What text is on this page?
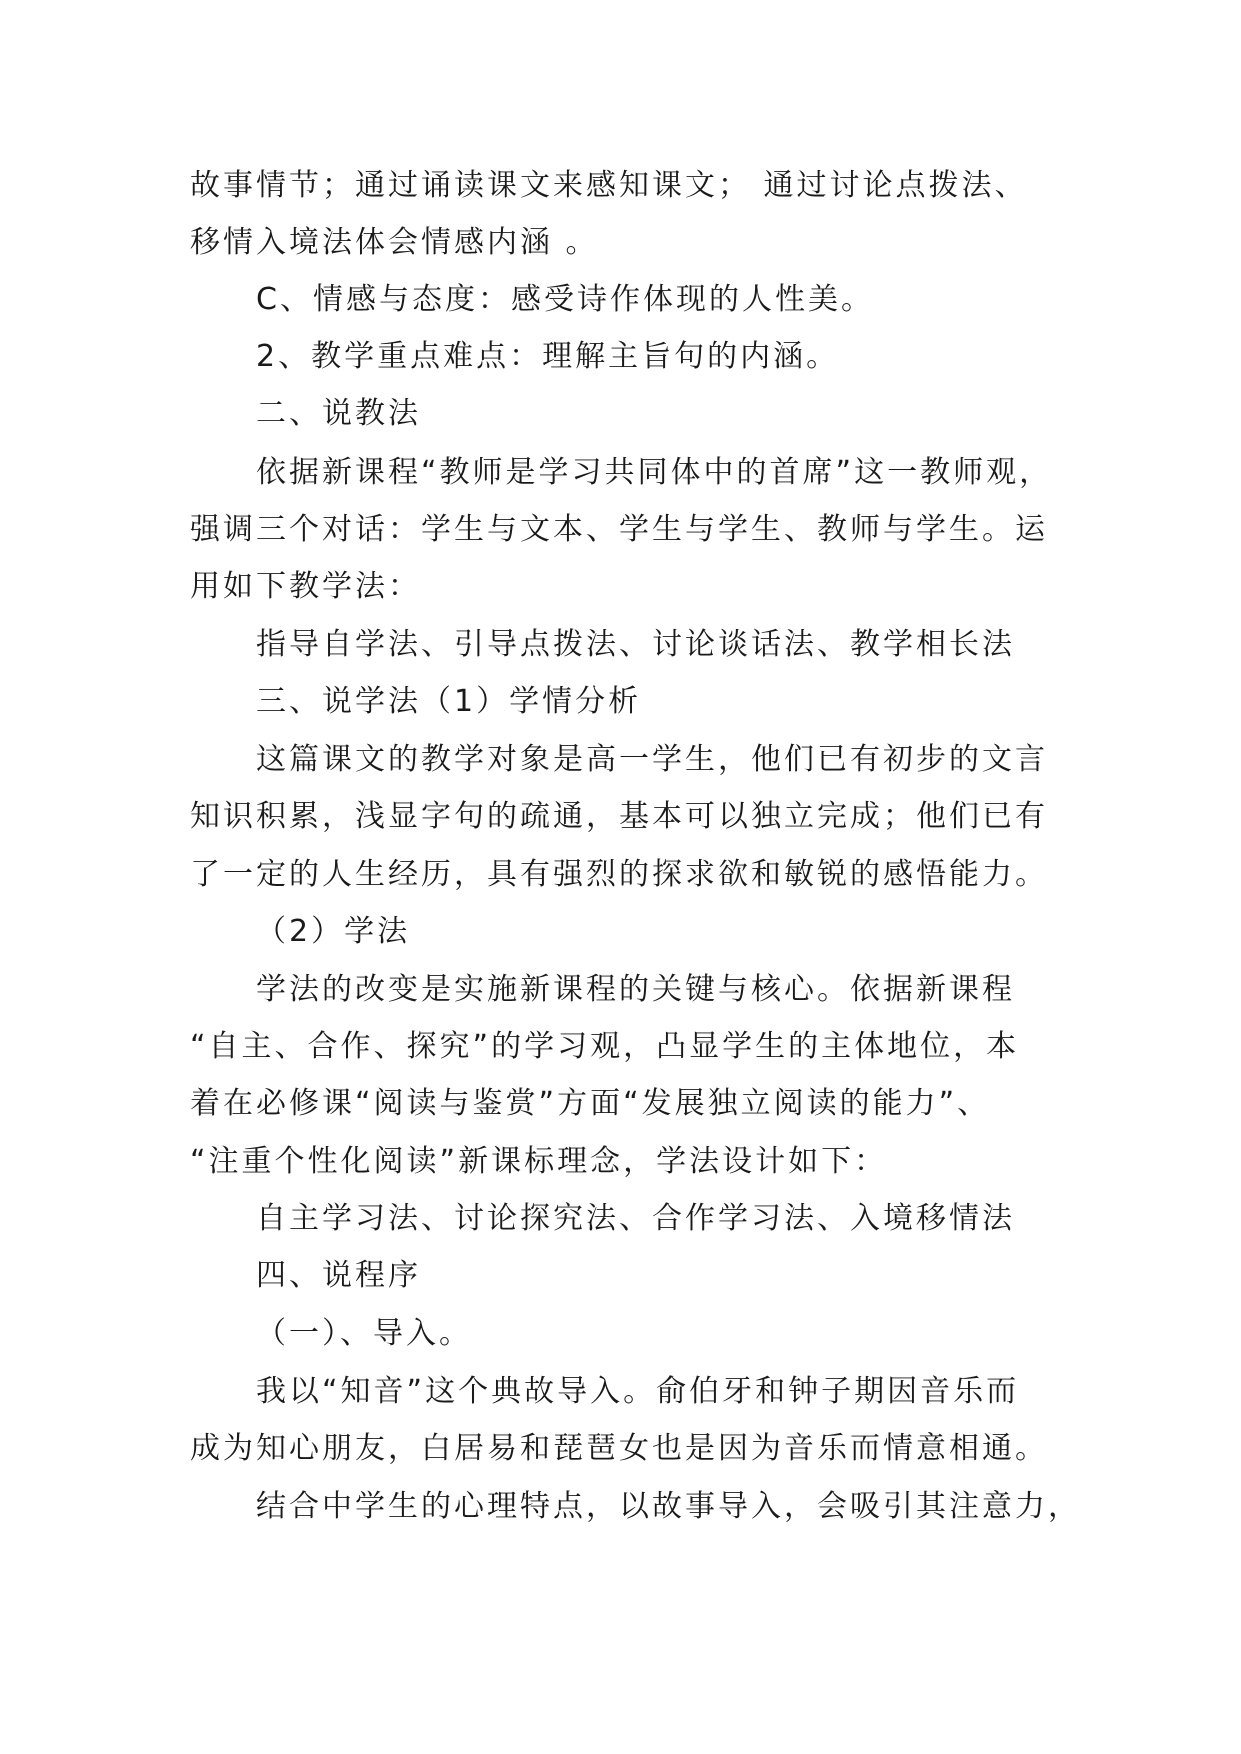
故事情节；通过诵读课文来感知课文； 通过讨论点拨法、
移情入境法体会情感内涵 。
C、情感与态度：感受诗作体现的人性美。
2、教学重点难点：理解主旨句的内涵。
二、说教法
依据新课程“教师是学习共同体中的首席”这一教师观，
强调三个对话：学生与文本、学生与学生、教师与学生。运
用如下教学法：
指导自学法、引导点拨法、讨论谈话法、教学相长法
三、说学法（1）学情分析
这篇课文的教学对象是高一学生，他们已有初步的文言
知识积累，浅显字句的疏通，基本可以独立完成；他们已有
了一定的人生经历，具有强烈的探求欲和敏锐的感悟能力。
（2）学法
学法的改变是实施新课程的关键与核心。依据新课程
“自主、合作、探究”的学习观，凸显学生的主体地位，本
着在必修课“阅读与鉴赏”方面“发展独立阅读的能力”、
“注重个性化阅读”新课标理念，学法设计如下：
自主学习法、讨论探究法、合作学习法、入境移情法
四、说程序
（一）、导入。
我以“知音”这个典故导入。俞伯牙和钟子期因音乐而
成为知心朋友，白居易和琵琶女也是因为音乐而情意相通。
结合中学生的心理特点，以故事导入，会吸引其注意力，
